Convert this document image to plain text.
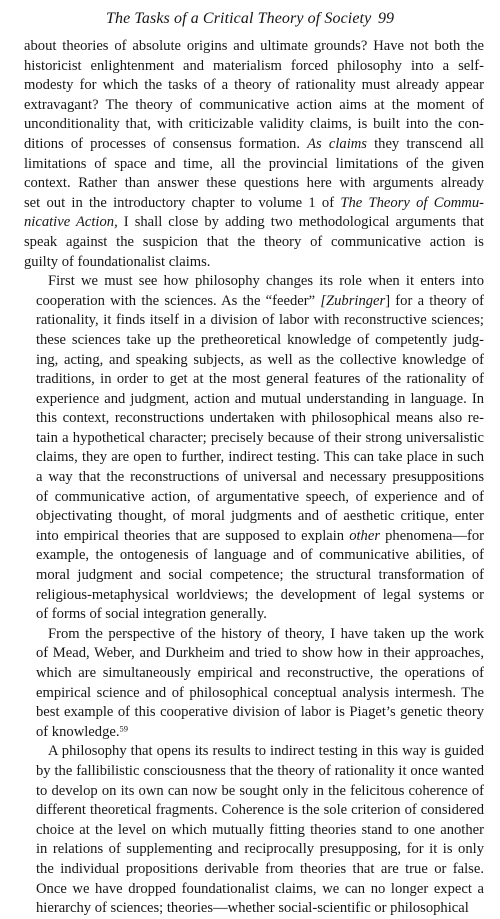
The Tasks of a Critical Theory of Society 99
about theories of absolute origins and ultimate grounds? Have not both the
historicist enlightenment and materialism forced philosophy into a self-
modesty for which the tasks of a theory of rationality must already appear
extravagant? The theory of communicative action aims at the moment of
unconditionality that, with criticizable validity claims, is built into the con-
ditions of processes of consensus formation. As claims they transcend all
limitations of space and time, all the provincial limitations of the given
context. Rather than answer these questions here with arguments already
set out in the introductory chapter to volume 1 of The Theory of Commu-
nicative Action, I shall close by adding two methodological arguments that
speak against the suspicion that the theory of communicative action is
guilty of foundationalist claims.
First we must see how philosophy changes its role when it enters into
cooperation with the sciences. As the “feeder” [Zubringer] for a theory of
rationality, it finds itself in a division of labor with reconstructive sciences;
these sciences take up the pretheoretical knowledge of competently judg-
ing, acting, and speaking subjects, as well as the collective knowledge of
traditions, in order to get at the most general features of the rationality of
experience and judgment, action and mutual understanding in language. In
this context, reconstructions undertaken with philosophical means also re-
tain a hypothetical character; precisely because of their strong universalistic
claims, they are open to further, indirect testing. This can take place in such
a way that the reconstructions of universal and necessary presuppositions
of communicative action, of argumentative speech, of experience and of
objectivating thought, of moral judgments and of aesthetic critique, enter
into empirical theories that are supposed to explain other phenomena—for
example, the ontogenesis of language and of communicative abilities, of
moral judgment and social competence; the structural transformation of
religious-metaphysical worldviews; the development of legal systems or
of forms of social integration generally.
From the perspective of the history of theory, I have taken up the work
of Mead, Weber, and Durkheim and tried to show how in their approaches,
which are simultaneously empirical and reconstructive, the operations of
empirical science and of philosophical conceptual analysis intermesh. The
best example of this cooperative division of labor is Piaget’s genetic theory
of knowledge.$^{59}$
A philosophy that opens its results to indirect testing in this way is guided
by the fallibilistic consciousness that the theory of rationality it once wanted
to develop on its own can now be sought only in the felicitous coherence of
different theoretical fragments. Coherence is the sole criterion of considered
choice at the level on which mutually fitting theories stand to one another
in relations of supplementing and reciprocally presupposing, for it is only
the individual propositions derivable from theories that are true or false.
Once we have dropped foundationalist claims, we can no longer expect a
hierarchy of sciences; theories—whether social-scientific or philosophical
